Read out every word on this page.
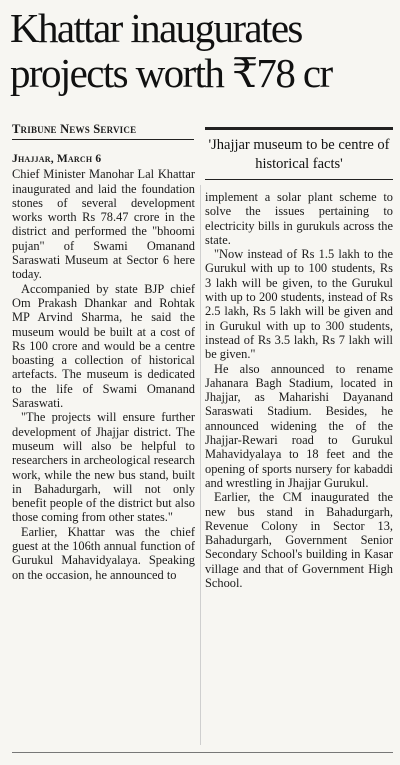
Khattar inaugurates
projects worth ₹78 cr
Tribune News Service
'Jhajjar museum to be centre of historical facts'
Jhajjar, March 6

Chief Minister Manohar Lal Khattar inaugurated and laid the foundation stones of several development works worth Rs 78.47 crore in the district and performed the "bhoomi pujan" of Swami Omanand Saraswati Museum at Sector 6 here today.

Accompanied by state BJP chief Om Prakash Dhankar and Rohtak MP Arvind Sharma, he said the museum would be built at a cost of Rs 100 crore and would be a centre boasting a collection of historical artefacts. The museum is dedicated to the life of Swami Omanand Saraswati.

"The projects will ensure further development of Jhajjar district. The museum will also be helpful to researchers in archeological research work, while the new bus stand, built in Bahadurgarh, will not only benefit people of the district but also those coming from other states."

Earlier, Khattar was the chief guest at the 106th annual function of Gurukul Mahavidyalaya. Speaking on the occasion, he announced to

implement a solar plant scheme to solve the issues pertaining to electricity bills in gurukuls across the state.

"Now instead of Rs 1.5 lakh to the Gurukul with up to 100 students, Rs 3 lakh will be given, to the Gurukul with up to 200 students, instead of Rs 2.5 lakh, Rs 5 lakh will be given and in Gurukul with up to 300 students, instead of Rs 3.5 lakh, Rs 7 lakh will be given."

He also announced to rename Jahanara Bagh Stadium, located in Jhajjar, as Maharishi Dayanand Saraswati Stadium. Besides, he announced widening the of the Jhajjar-Rewari road to Gurukul Mahavidyalaya to 18 feet and the opening of sports nursery for kabaddi and wrestling in Jhajjar Gurukul.

Earlier, the CM inaugurated the new bus stand in Bahadurgarh, Revenue Colony in Sector 13, Bahadurgarh, Government Senior Secondary School's building in Kasar village and that of Government High School.
